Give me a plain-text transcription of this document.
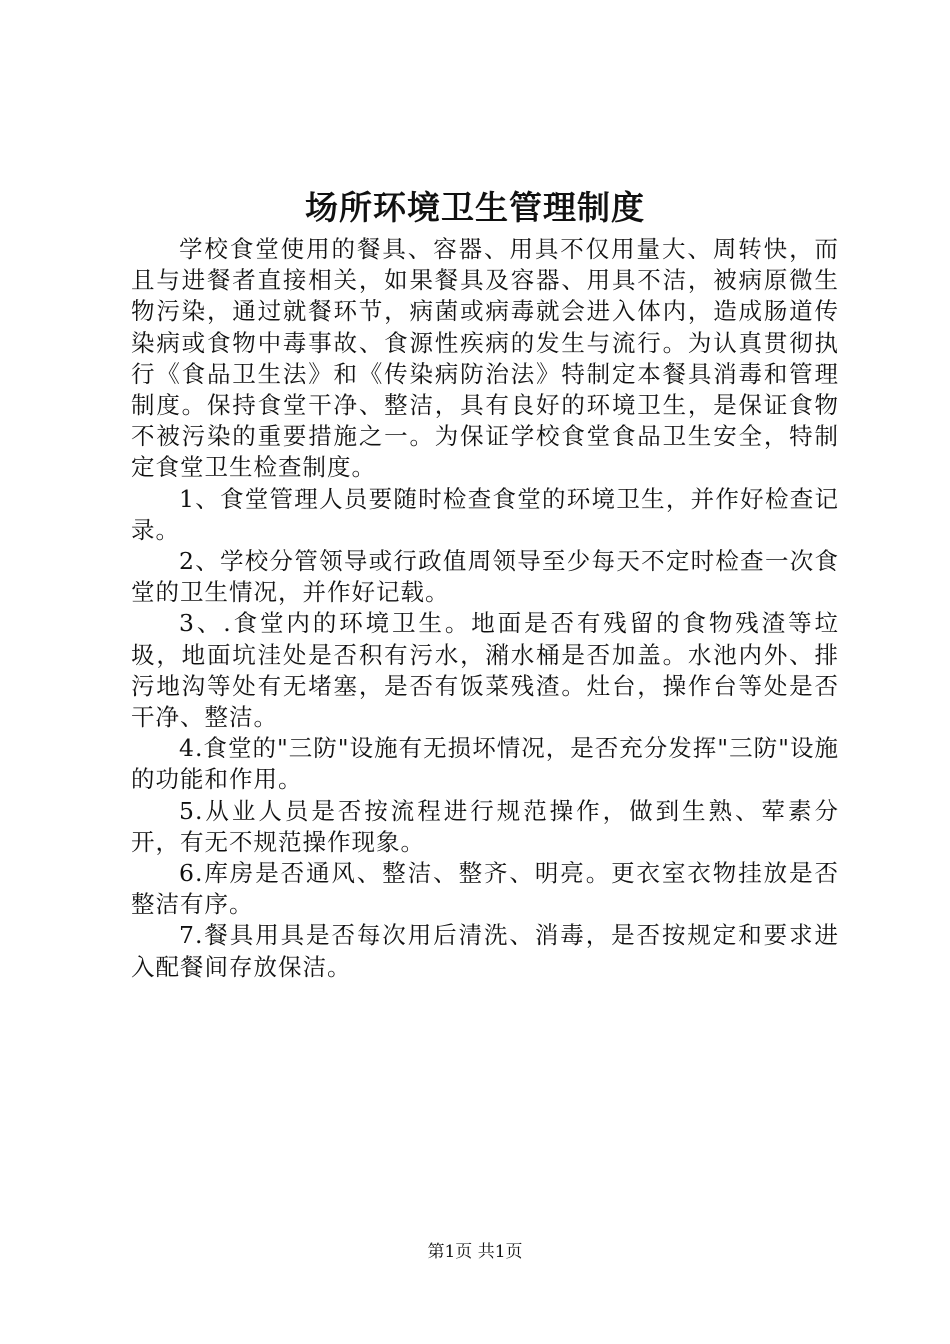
场所环境卫生管理制度

学校食堂使用的餐具、容器、用具不仅用量大、周转快，而且与进餐者直接相关，如果餐具及容器、用具不洁，被病原微生物污染，通过就餐环节，病菌或病毒就会进入体内，造成肠道传染病或食物中毒事故、食源性疾病的发生与流行。为认真贯彻执行《食品卫生法》和《传染病防治法》特制定本餐具消毒和管理制度。保持食堂干净、整洁，具有良好的环境卫生，是保证食物不被污染的重要措施之一。为保证学校食堂食品卫生安全，特制定食堂卫生检查制度。

1、食堂管理人员要随时检查食堂的环境卫生，并作好检查记录。

2、学校分管领导或行政值周领导至少每天不定时检查一次食堂的卫生情况，并作好记载。

3、.食堂内的环境卫生。地面是否有残留的食物残渣等垃圾，地面坑洼处是否积有污水，潲水桶是否加盖。水池内外、排污地沟等处有无堵塞，是否有饭菜残渣。灶台，操作台等处是否干净、整洁。

4.食堂的"三防"设施有无损坏情况，是否充分发挥"三防"设施的功能和作用。

5.从业人员是否按流程进行规范操作，做到生熟、荤素分开，有无不规范操作现象。

6.库房是否通风、整洁、整齐、明亮。更衣室衣物挂放是否整洁有序。

7.餐具用具是否每次用后清洗、消毒，是否按规定和要求进入配餐间存放保洁。

第1页 共1页
